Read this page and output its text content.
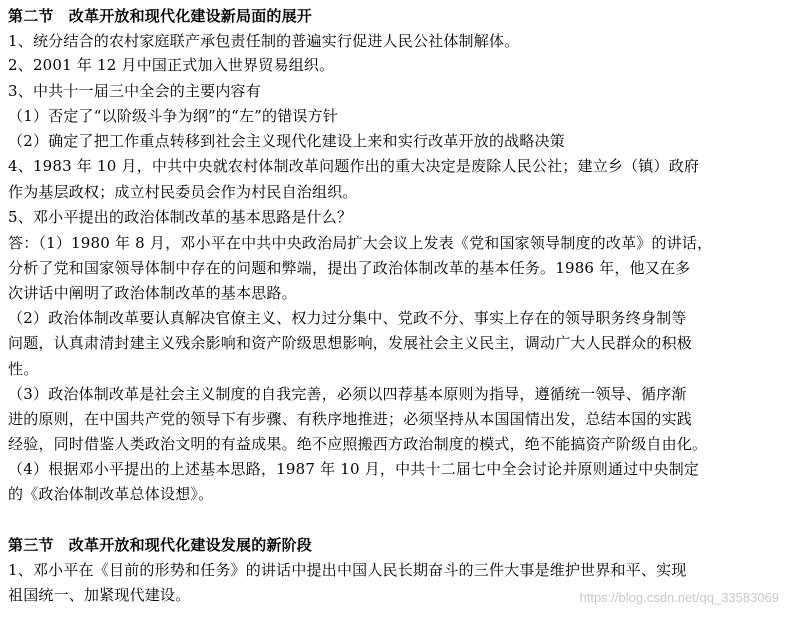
第二节　改革开放和现代化建设新局面的展开
1、统分结合的农村家庭联产承包责任制的普遍实行促进人民公社体制解体。
2、2001 年 12 月中国正式加入世界贸易组织。
3、中共十一届三中全会的主要内容有
（1）否定了“以阶级斗争为纲”的“左”的错误方针
（2）确定了把工作重点转移到社会主义现代化建设上来和实行改革开放的战略决策
4、1983 年 10 月，中共中央就农村体制改革问题作出的重大决定是废除人民公社；建立乡（镇）政府
作为基层政权；成立村民委员会作为村民自治组织。
5、邓小平提出的政治体制改革的基本思路是什么？
答：（1）1980 年 8 月，邓小平在中共中央政治局扩大会议上发表《党和国家领导制度的改革》的讲话，
分析了党和国家领导体制中存在的问题和弊端，提出了政治体制改革的基本任务。1986 年，他又在多
次讲话中阐明了政治体制改革的基本思路。
（2）政治体制改革要认真解决官僚主义、权力过分集中、党政不分、事实上存在的领导职务终身制等
问题，认真肃清封建主义残余影响和资产阶级思想影响，发展社会主义民主，调动广大人民群众的积极
性。
（3）政治体制改革是社会主义制度的自我完善，必须以四荐基本原则为指导，遵循统一领导、循序渐
进的原则，在中国共产党的领导下有步骤、有秩序地推进；必须坚持从本国国情出发，总结本国的实践
经验，同时借鉴人类政治文明的有益成果。绝不应照搬西方政治制度的模式，绝不能搞资产阶级自由化。
（4）根据邓小平提出的上述基本思路，1987 年 10 月，中共十二届七中全会讨论并原则通过中央制定
的《政治体制改革总体设想》。
第三节　改革开放和现代化建设发展的新阶段
1、邓小平在《目前的形势和任务》的讲话中提出中国人民长期奋斗的三件大事是维护世界和平、实现
祖国统一、加紧现代建设。	https://blog.csdn.net/qq_33583069
